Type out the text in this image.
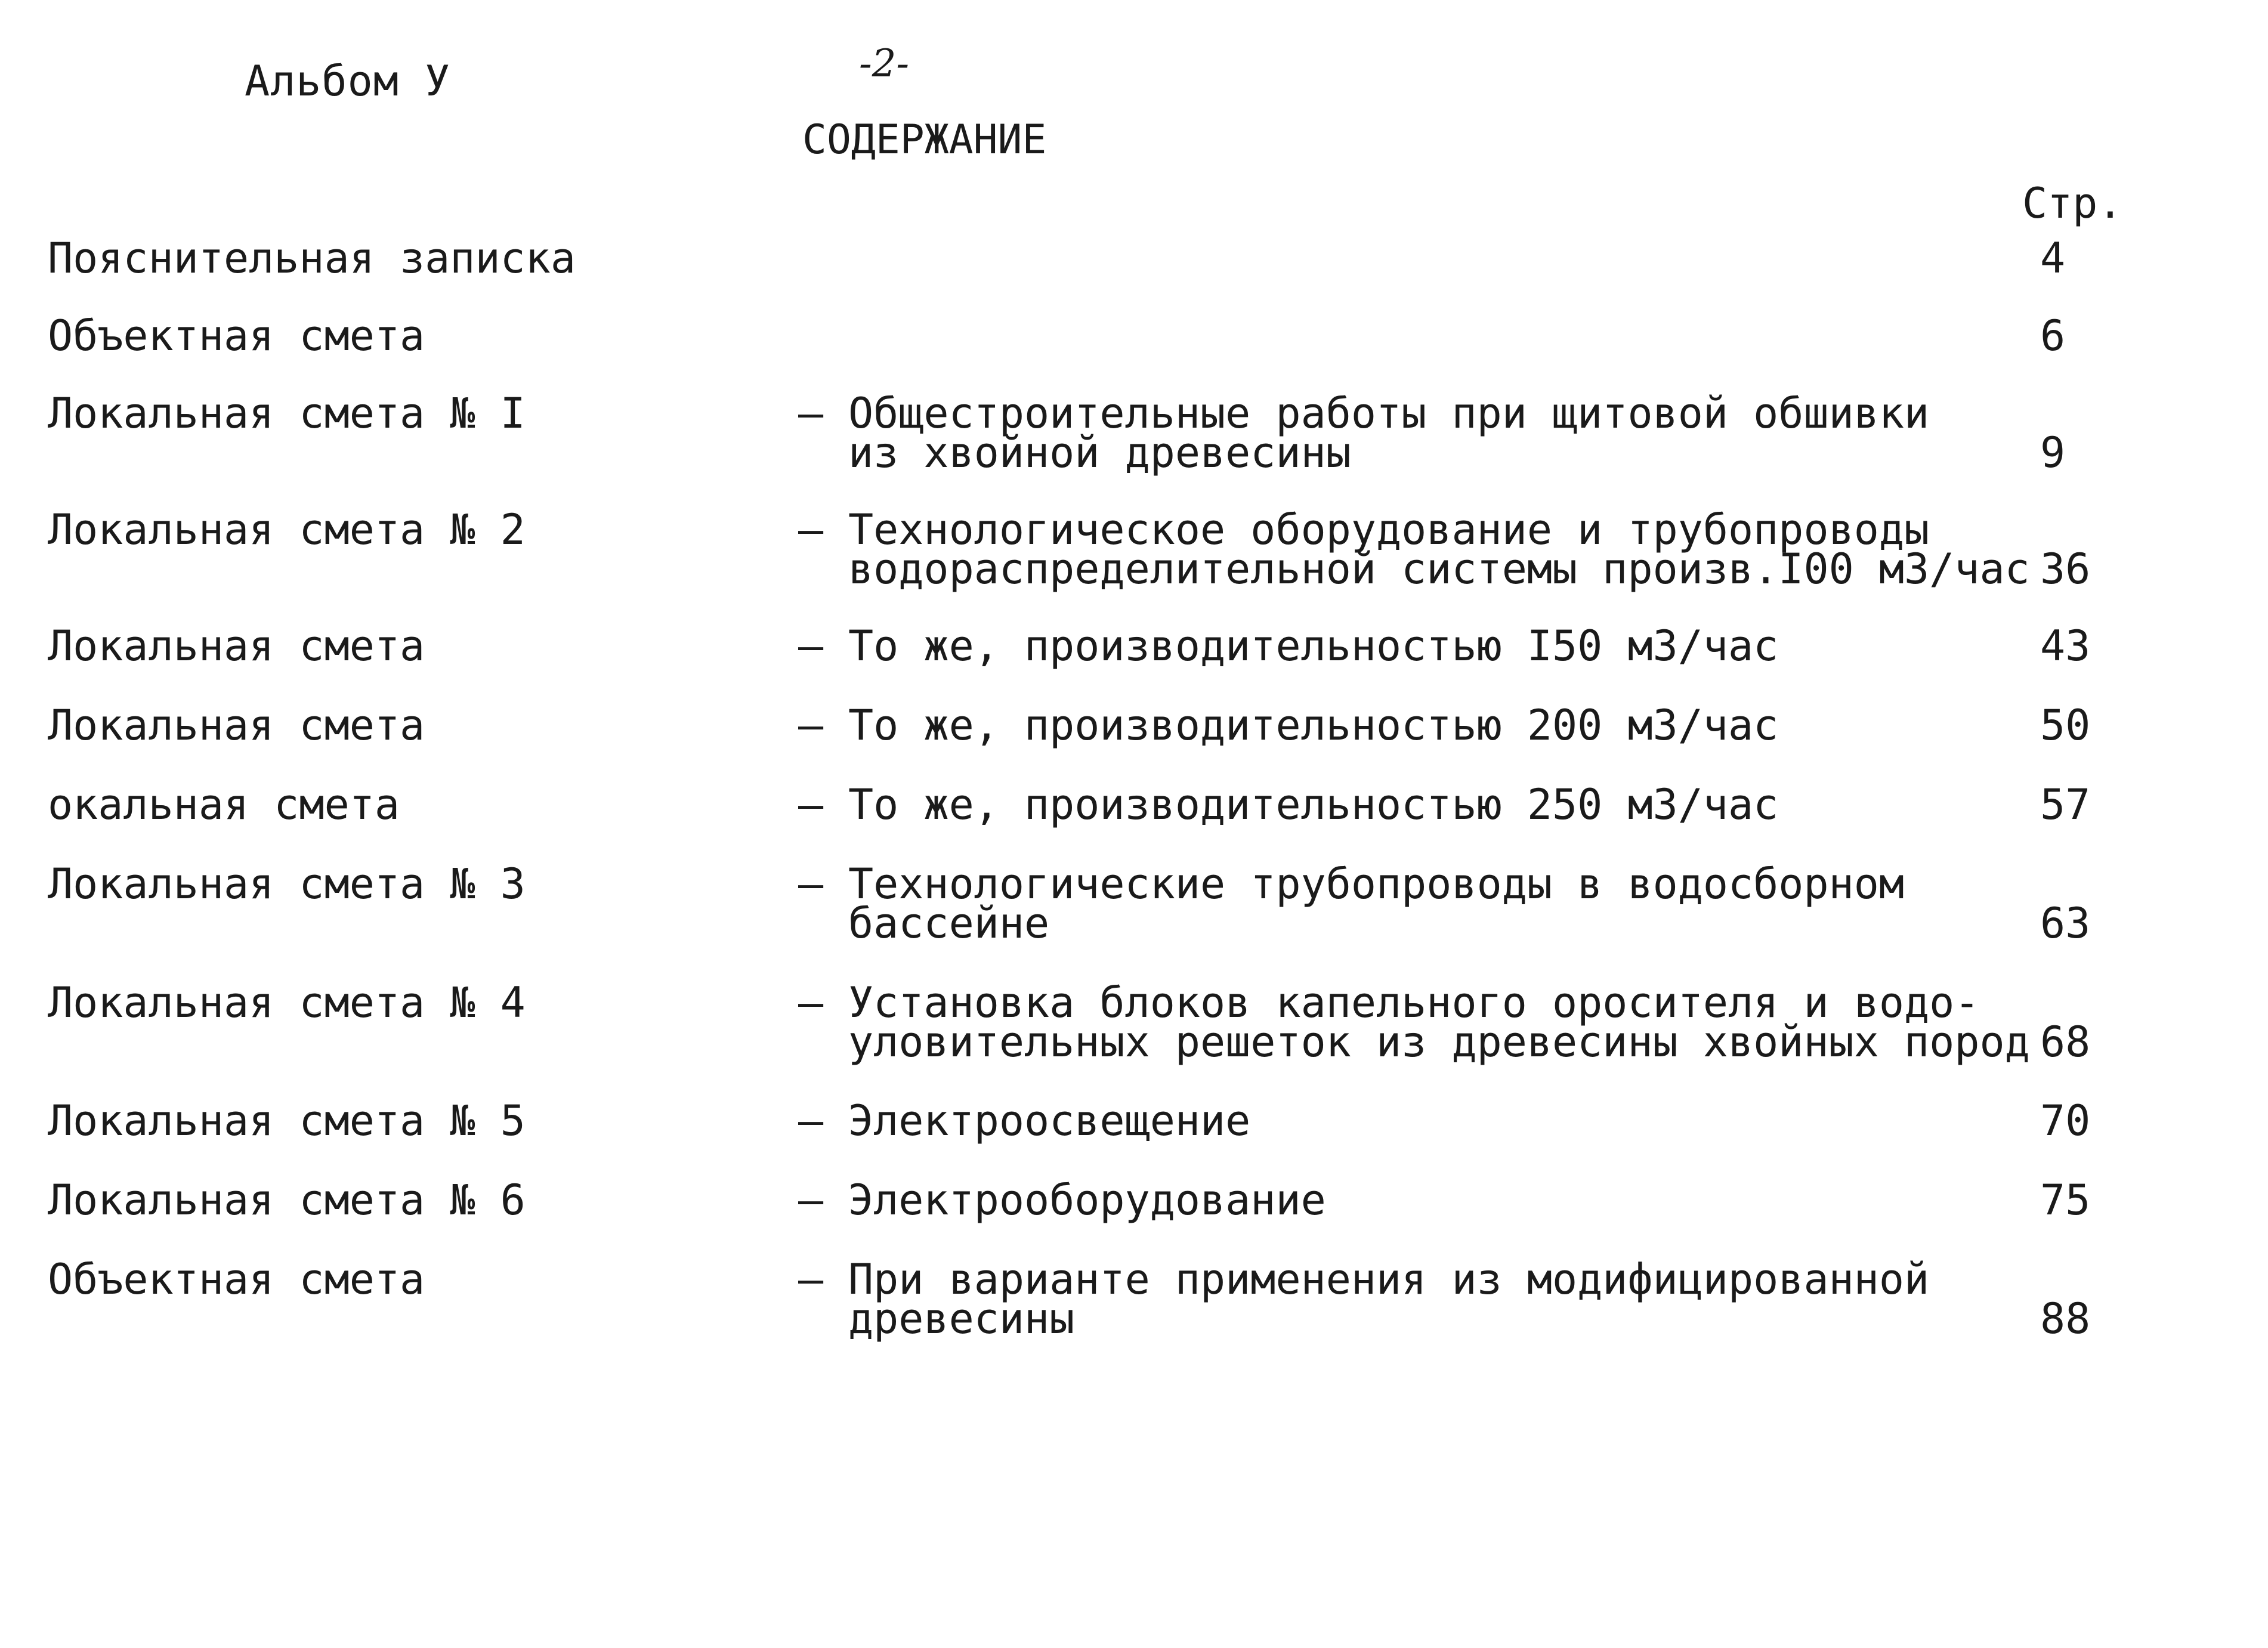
Альбом У	-2-
СОДЕРЖАНИЕ
Стр.
Пояснительная записка	4
Объектная смета	6
Локальная смета № I	– Общестроительные работы при щитовой обшивки
из хвойной древесины	9
Локальная смета № 2	– Технологическое оборудование и трубопроводы
водораспределительной системы произв.I00 м3/час 36
Локальная смета	– То же, производительностью I50 м3/час	43
Локальная смета	– То же, производительностью 200 м3/час	50
окальная смета	– То же, производительностью 250 м3/час	57
Локальная смета № 3	– Технологические трубопроводы в водосборном
бассейне	63
Локальная смета № 4	– Установка блоков капельного оросителя и водо-
уловительных решеток из древесины хвойных пород 68
Локальная смета № 5	– Электроосвещение	70
Локальная смета № 6	– Электрооборудование	75
Объектная смета	– При варианте применения из модифицированной
древесины	88
